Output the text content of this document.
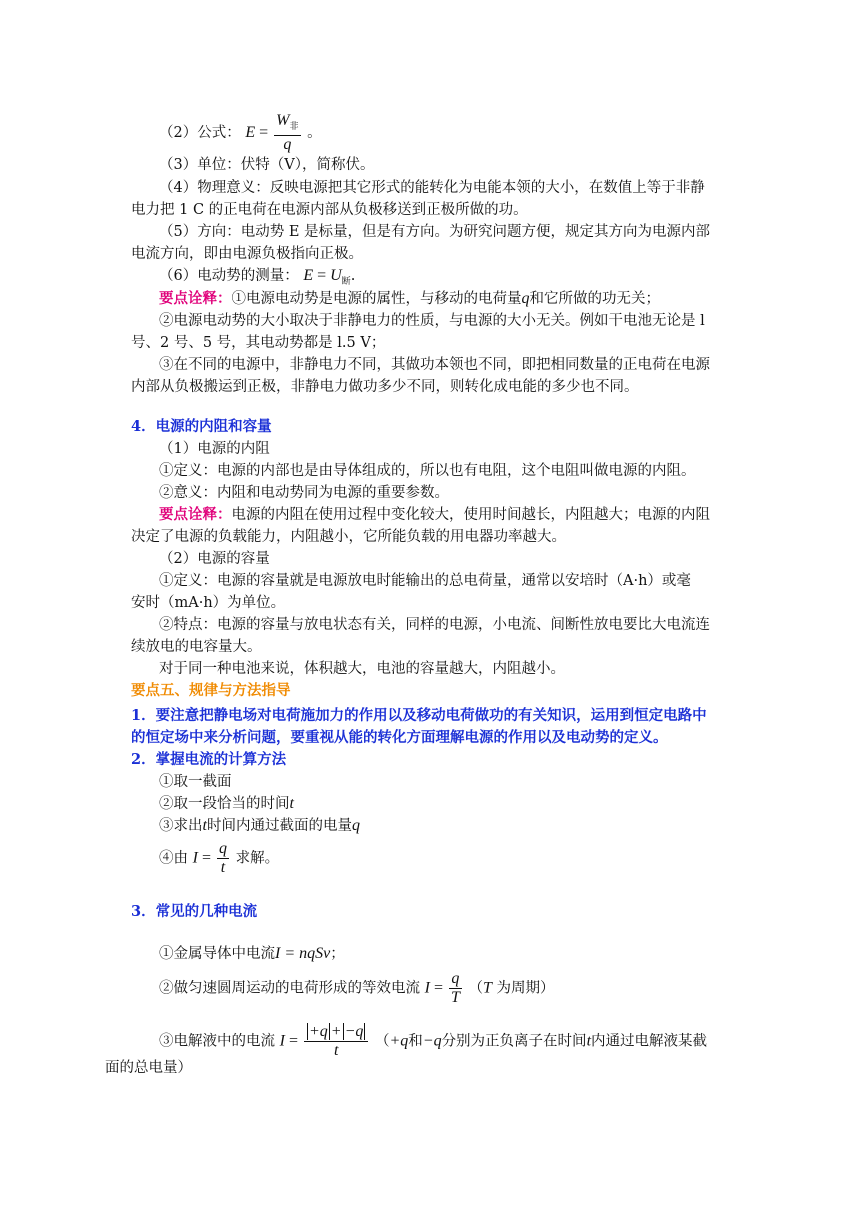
（2）公式： $E = \frac{W_非}{q}$ 。
（3）单位：伏特（V），简称伏。
（4）物理意义：反映电源把其它形式的能转化为电能本领的大小，在数值上等于非静
电力把 1 C 的正电荷在电源内部从负极移送到正极所做的功。
（5）方向：电动势 E 是标量，但是有方向。为研究问题方便，规定其方向为电源内部
电流方向，即由电源负极指向正极。
（6）电动势的测量： $E = U_断$.
要点诠释：①电源电动势是电源的属性，与移动的电荷量q和它所做的功无关；
②电源电动势的大小取决于非静电力的性质，与电源的大小无关。例如干电池无论是 l
号、2 号、5 号，其电动势都是 l.5 V；
③在不同的电源中，非静电力不同，其做功本领也不同，即把相同数量的正电荷在电源
内部从负极搬运到正极，非静电力做功多少不同，则转化成电能的多少也不同。
4．电源的内阻和容量
（1）电源的内阻
①定义：电源的内部也是由导体组成的，所以也有电阻，这个电阻叫做电源的内阻。
②意义：内阻和电动势同为电源的重要参数。
要点诠释：电源的内阻在使用过程中变化较大，使用时间越长，内阻越大；电源的内阻
决定了电源的负载能力，内阻越小，它所能负载的用电器功率越大。
（2）电源的容量
①定义：电源的容量就是电源放电时能输出的总电荷量，通常以安培时（A·h）或毫
安时（mA·h）为单位。
②特点：电源的容量与放电状态有关，同样的电源，小电流、间断性放电要比大电流连
续放电的电容量大。
对于同一种电池来说，体积越大，电池的容量越大，内阻越小。
要点五、规律与方法指导
1．要注意把静电场对电荷施加力的作用以及移动电荷做功的有关知识，运用到恒定电路中
的恒定场中来分析问题，要重视从能的转化方面理解电源的作用以及电动势的定义。
2．掌握电流的计算方法
①取一截面
②取一段恰当的时间t
③求出t时间内通过截面的电量q
④由 $I = \frac{q}{t}$ 求解。
3．常见的几种电流
①金属导体中电流I = nqSv；
②做匀速圆周运动的电荷形成的等效电流 $I = \frac{q}{T} (T$ 为周期）
③电解液中的电流 $I = \frac{+q + -q}{t} (+q$和−q分别为正负离子在时间t内通过电解液某截
面的总电量）
